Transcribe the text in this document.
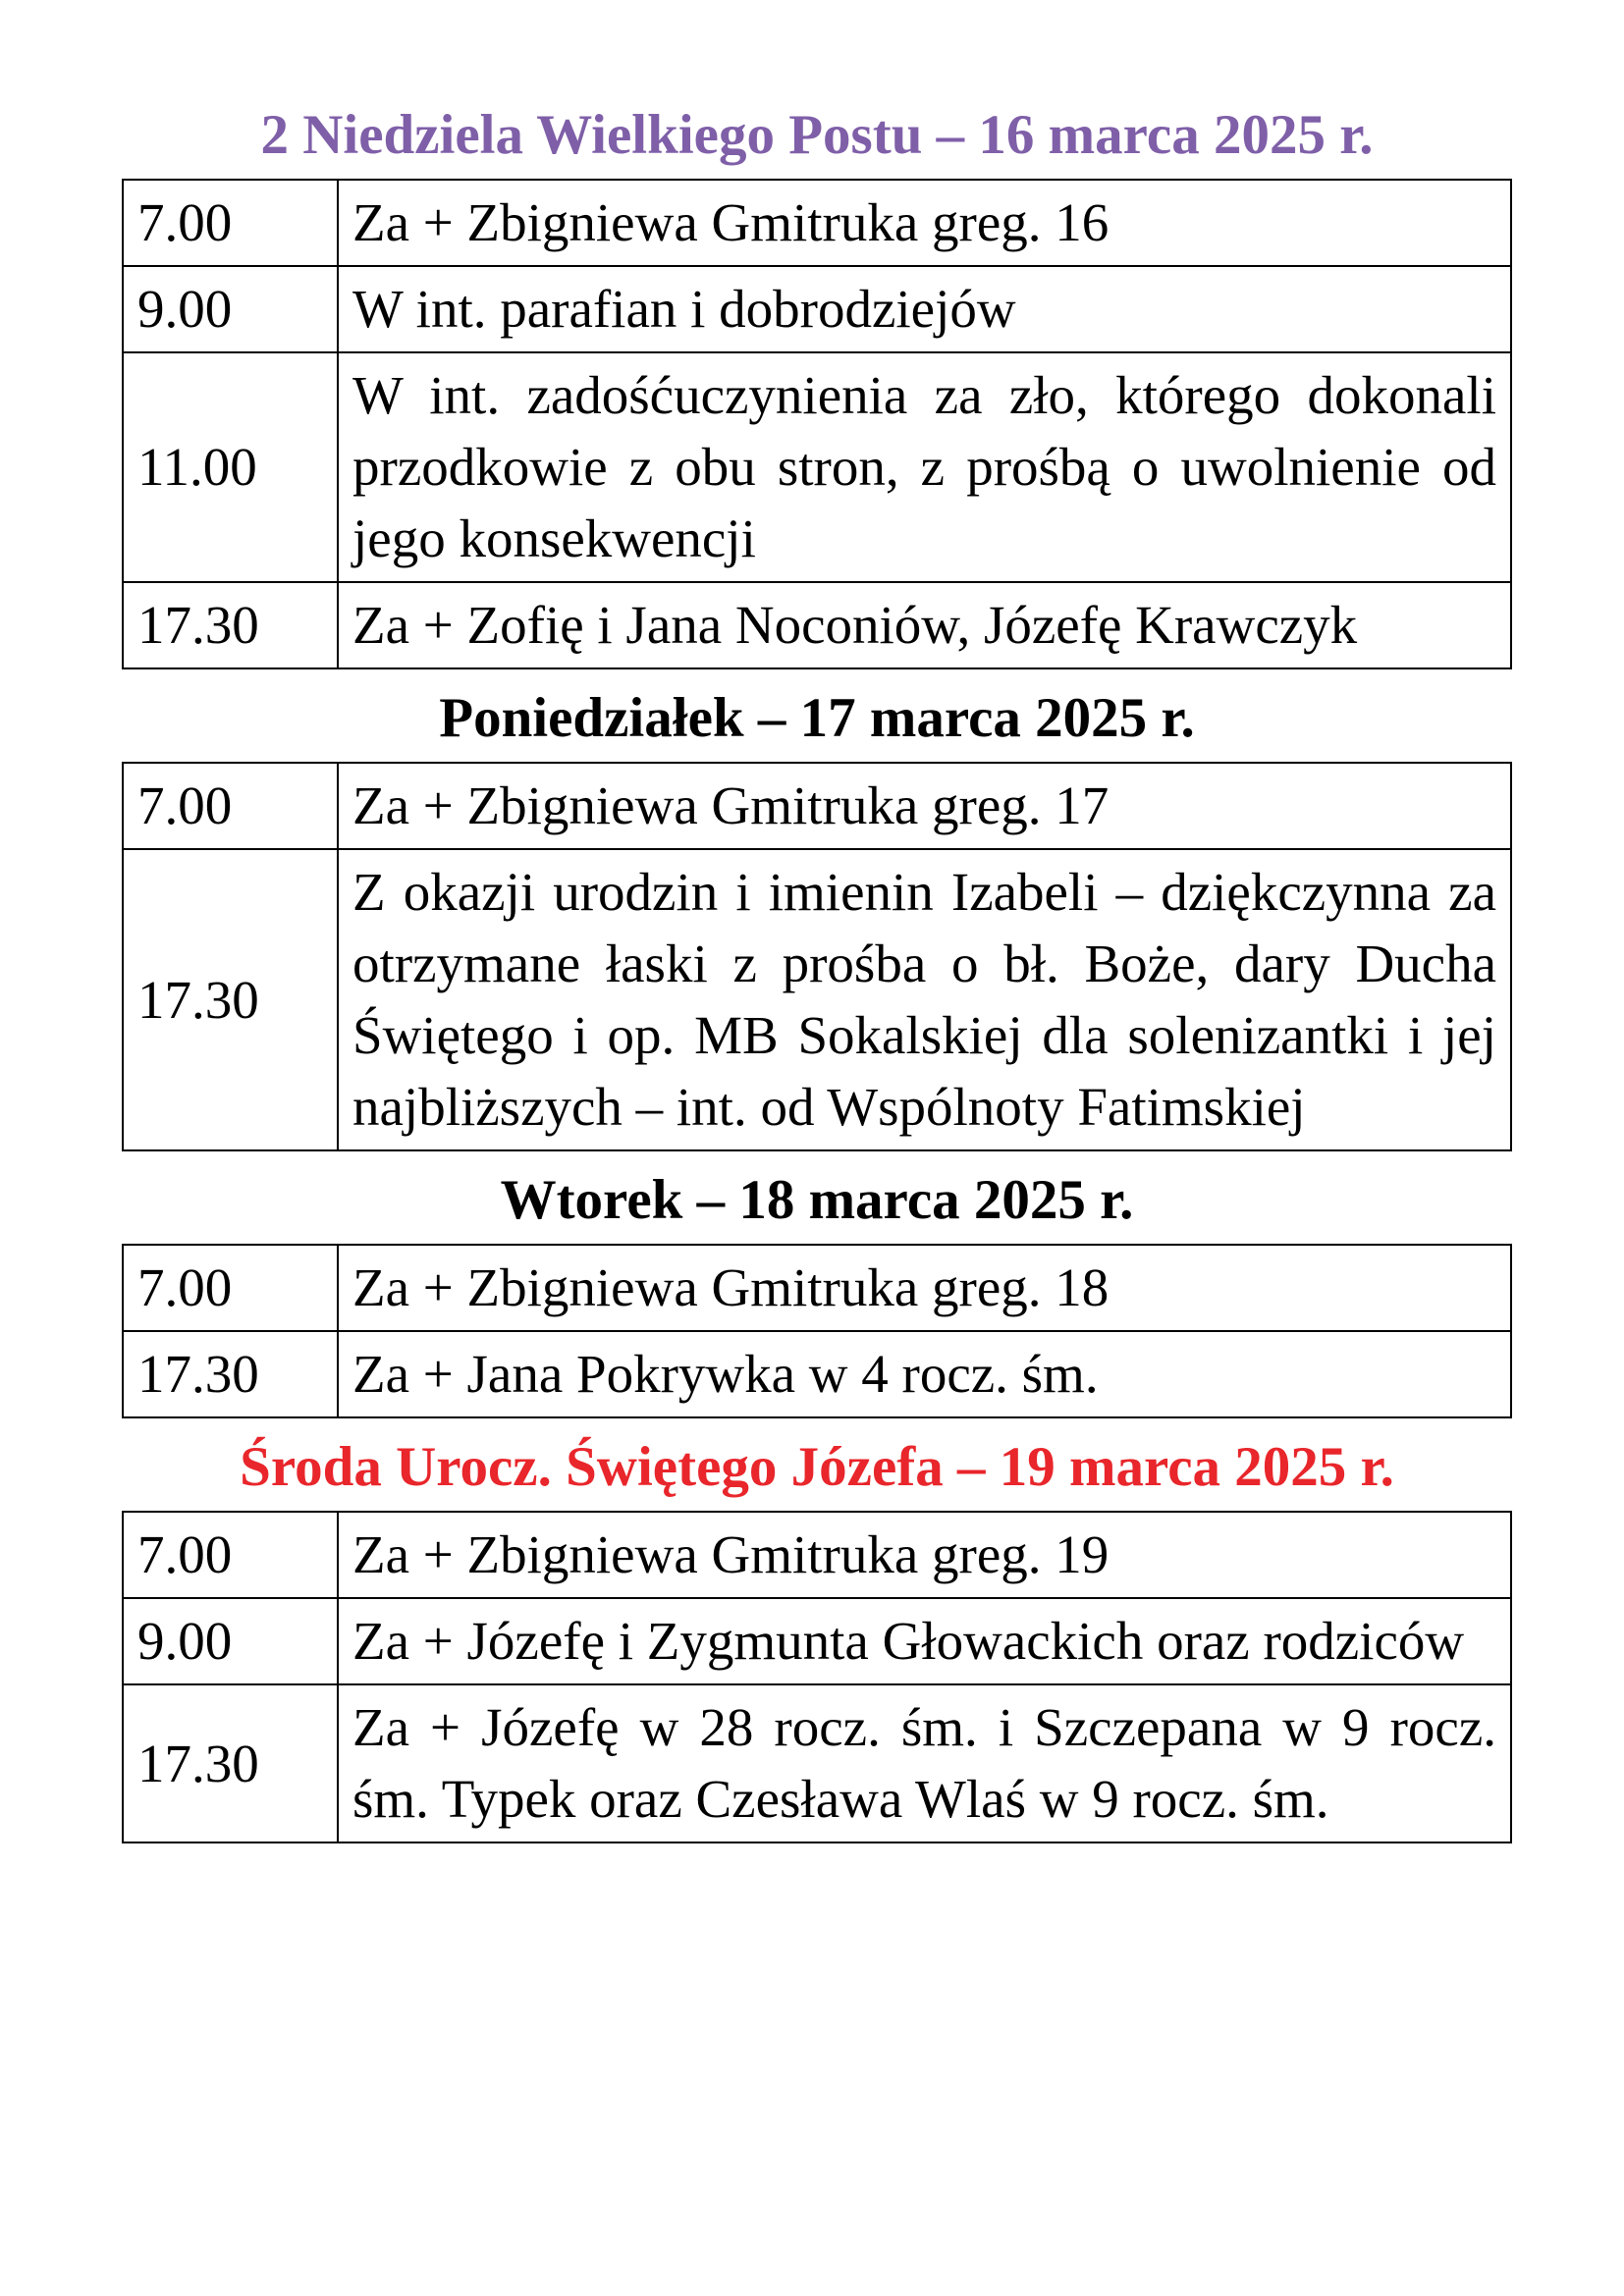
2 Niedziela Wielkiego Postu – 16 marca 2025 r.
7.00	Za + Zbigniewa Gmitruka greg. 16
9.00	W int. parafian i dobrodziejów
11.00	W int. zadośćuczynienia za zło, którego dokonali przodkowie z obu stron, z prośbą o uwolnienie od jego konsekwencji
17.30	Za + Zofię i Jana Noconiów, Józefę Krawczyk
Poniedziałek – 17 marca 2025 r.
7.00	Za + Zbigniewa Gmitruka greg. 17
17.30	Z okazji urodzin i imienin Izabeli – dziękczynna za otrzymane łaski z prośba o bł. Boże, dary Ducha Świętego i op. MB Sokalskiej dla solenizantki i jej najbliższych – int. od Wspólnoty Fatimskiej
Wtorek – 18 marca 2025 r.
7.00	Za + Zbigniewa Gmitruka greg. 18
17.30	Za + Jana Pokrywka w 4 rocz. śm.
Środa Urocz. Świętego Józefa – 19 marca 2025 r.
7.00	Za + Zbigniewa Gmitruka greg. 19
9.00	Za + Józefę i Zygmunta Głowackich oraz rodziców
17.30	Za + Józefę w 28 rocz. śm. i Szczepana w 9 rocz. śm. Typek oraz Czesława Wlaś w 9 rocz. śm.
